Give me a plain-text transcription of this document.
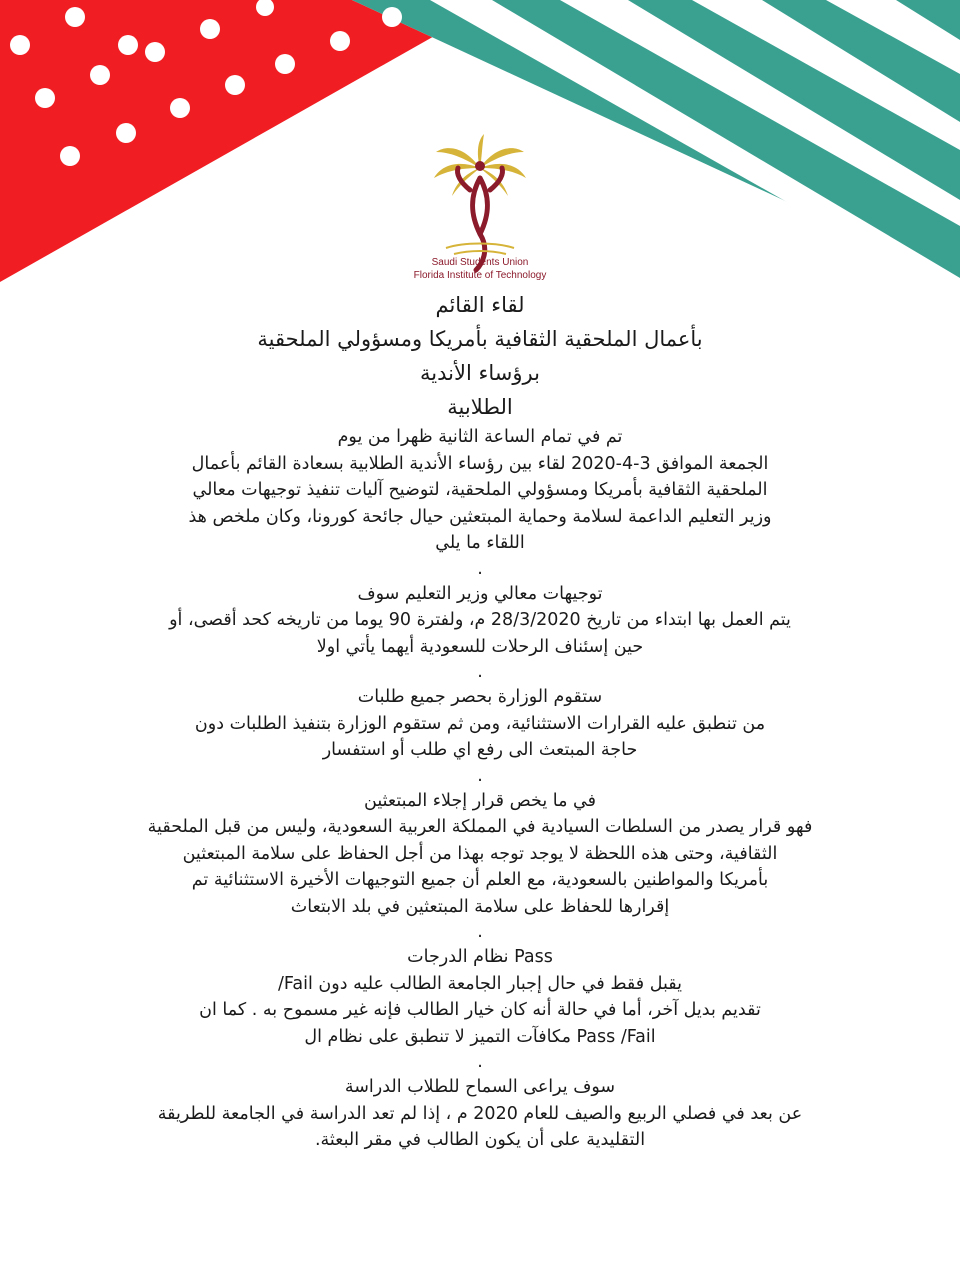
Saudi Students Union
Florida Institute of Technology

لقاء القائم

بأعمال الملحقية الثقافية بأمريكا ومسؤولي الملحقية

برؤساء الأندية

الطلابية

تم في تمام الساعة الثانية ظهرا من يوم

الجمعة الموافق 3-4-2020 لقاء بين رؤساء الأندية الطلابية بسعادة القائم بأعمال

الملحقية الثقافية بأمريكا ومسؤولي الملحقية، لتوضيح آليات تنفيذ توجيهات معالي

وزير التعليم الداعمة لسلامة وحماية المبتعثين حيال جائحة كورونا، وكان ملخص هذ

اللقاء ما يلي

.

توجيهات معالي وزير التعليم سوف

يتم العمل بها ابتداء من تاريخ 28/3/2020 م، ولفترة 90 يوما من تاريخه كحد أقصى، أو

حين إسئناف الرحلات للسعودية أيهما يأتي اولا

.

ستقوم الوزارة بحصر جميع طلبات

من تنطبق عليه القرارات الاستثنائية، ومن ثم ستقوم الوزارة بتنفيذ الطلبات دون

حاجة المبتعث الى رفع اي طلب أو استفسار

.

في ما يخص قرار إجلاء المبتعثين

فهو قرار يصدر من السلطات السيادية في المملكة العربية السعودية، وليس من قبل الملحقية

الثقافية، وحتى هذه اللحظة لا يوجد توجه بهذا من أجل الحفاظ على سلامة المبتعثين

بأمريكا والمواطنين بالسعودية، مع العلم أن جميع التوجيهات الأخيرة الاستثنائية تم

إقرارها للحفاظ على سلامة المبتعثين في بلد الابتعاث

.

Pass نظام الدرجات

يقبل فقط في حال إجبار الجامعة الطالب عليه دون Fail/

تقديم بديل آخر، أما في حالة أنه كان خيار الطالب فإنه غير مسموح به . كما ان

Pass /Fail مكافآت التميز لا تنطبق على نظام ال

.

سوف يراعى السماح للطلاب الدراسة

عن بعد في فصلي الربيع والصيف للعام 2020 م ، إذا لم تعد الدراسة في الجامعة للطريقة

التقليدية على أن يكون الطالب في مقر البعثة.
